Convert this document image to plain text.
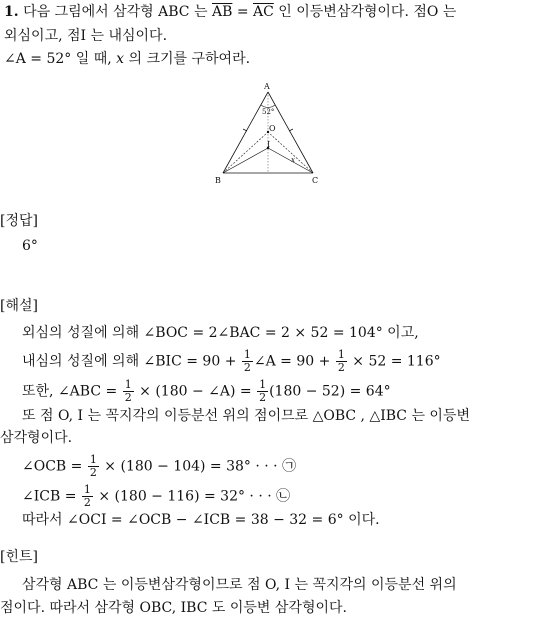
1. 다음 그림에서 삼각형 ABC 는 $\overline{AB} = \overline{AC}$ 인 이등변삼각형이다. 점O 는
외심이고, 점I 는 내심이다.
∠A = 52° 일 때, x 의 크기를 구하여라.
A
52°
B	C
O
I
x
[정답]
6°
[해설]
외심의 성질에 의해 ∠BOC = 2∠BAC = 2 × 52 = 104° 이고,
내심의 성질에 의해 ∠BIC = $90 + \frac{1}{2}$ ∠A = $90 + \frac{1}{2} \times 52 = 116^\circ$
또한, ∠ABC = $\frac{1}{2} \times (180$ − ∠A) = $\frac{1}{2} (180 - 52) = 64^\circ$
또 점 O, I 는 꼭지각의 이등분선 위의 점이므로 △OBC , △IBC 는 이등변
삼각형이다.
∠OCB = $\frac{1}{2} \times (180 - 104) = 38^\circ$ · · · ㉠
∠ICB = $\frac{1}{2} \times (180 - 116) = 32^\circ$ · · · ㉡
따라서 ∠OCI = ∠OCB − ∠ICB = 38 − 32 = 6° 이다.
[힌트]
삼각형 ABC 는 이등변삼각형이므로 점 O, I 는 꼭지각의 이등분선 위의
점이다. 따라서 삼각형 OBC, IBC 도 이등변 삼각형이다.
